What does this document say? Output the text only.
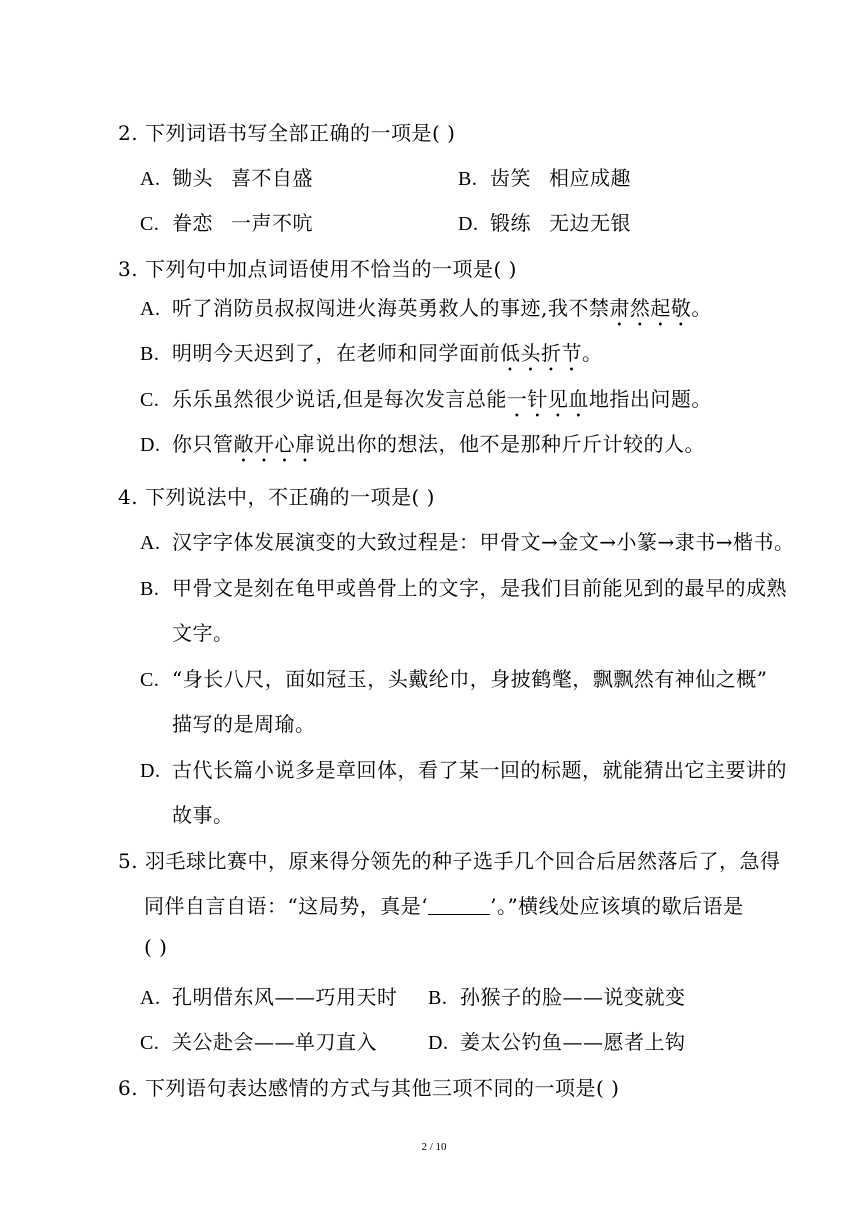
2. 下列词语书写全部正确的一项是( )
A. 锄头 喜不自盛	B. 齿笑 相应成趣
C. 眷恋 一声不吭	D. 锻练 无边无银
3. 下列句中加点词语使用不恰当的一项是( )
A. 听了消防员叔叔闯进火海英勇救人的事迹,我不禁肃然起敬。
B. 明明今天迟到了，在老师和同学面前低头折节。
C. 乐乐虽然很少说话,但是每次发言总能一针见血地指出问题。
D. 你只管敞开心扉说出你的想法，他不是那种斤斤计较的人。
4. 下列说法中，不正确的一项是( )
A. 汉字字体发展演变的大致过程是：甲骨文→金文→小篆→隶书→楷书。
B. 甲骨文是刻在龟甲或兽骨上的文字，是我们目前能见到的最早的成熟
文字。
C. “身长八尺，面如冠玉，头戴纶巾，身披鹤氅，飘飘然有神仙之概”
描写的是周瑜。
D. 古代长篇小说多是章回体，看了某一回的标题，就能猜出它主要讲的
故事。
5. 羽毛球比赛中，原来得分领先的种子选手几个回合后居然落后了，急得
同伴自言自语：“这局势，真是‘	’。”横线处应该填的歇后语是
( )
A. 孔明借东风——巧用天时 B. 孙猴子的脸——说变就变
C. 关公赴会——单刀直入	D. 姜太公钓鱼——愿者上钩
6. 下列语句表达感情的方式与其他三项不同的一项是( )
2 / 10
